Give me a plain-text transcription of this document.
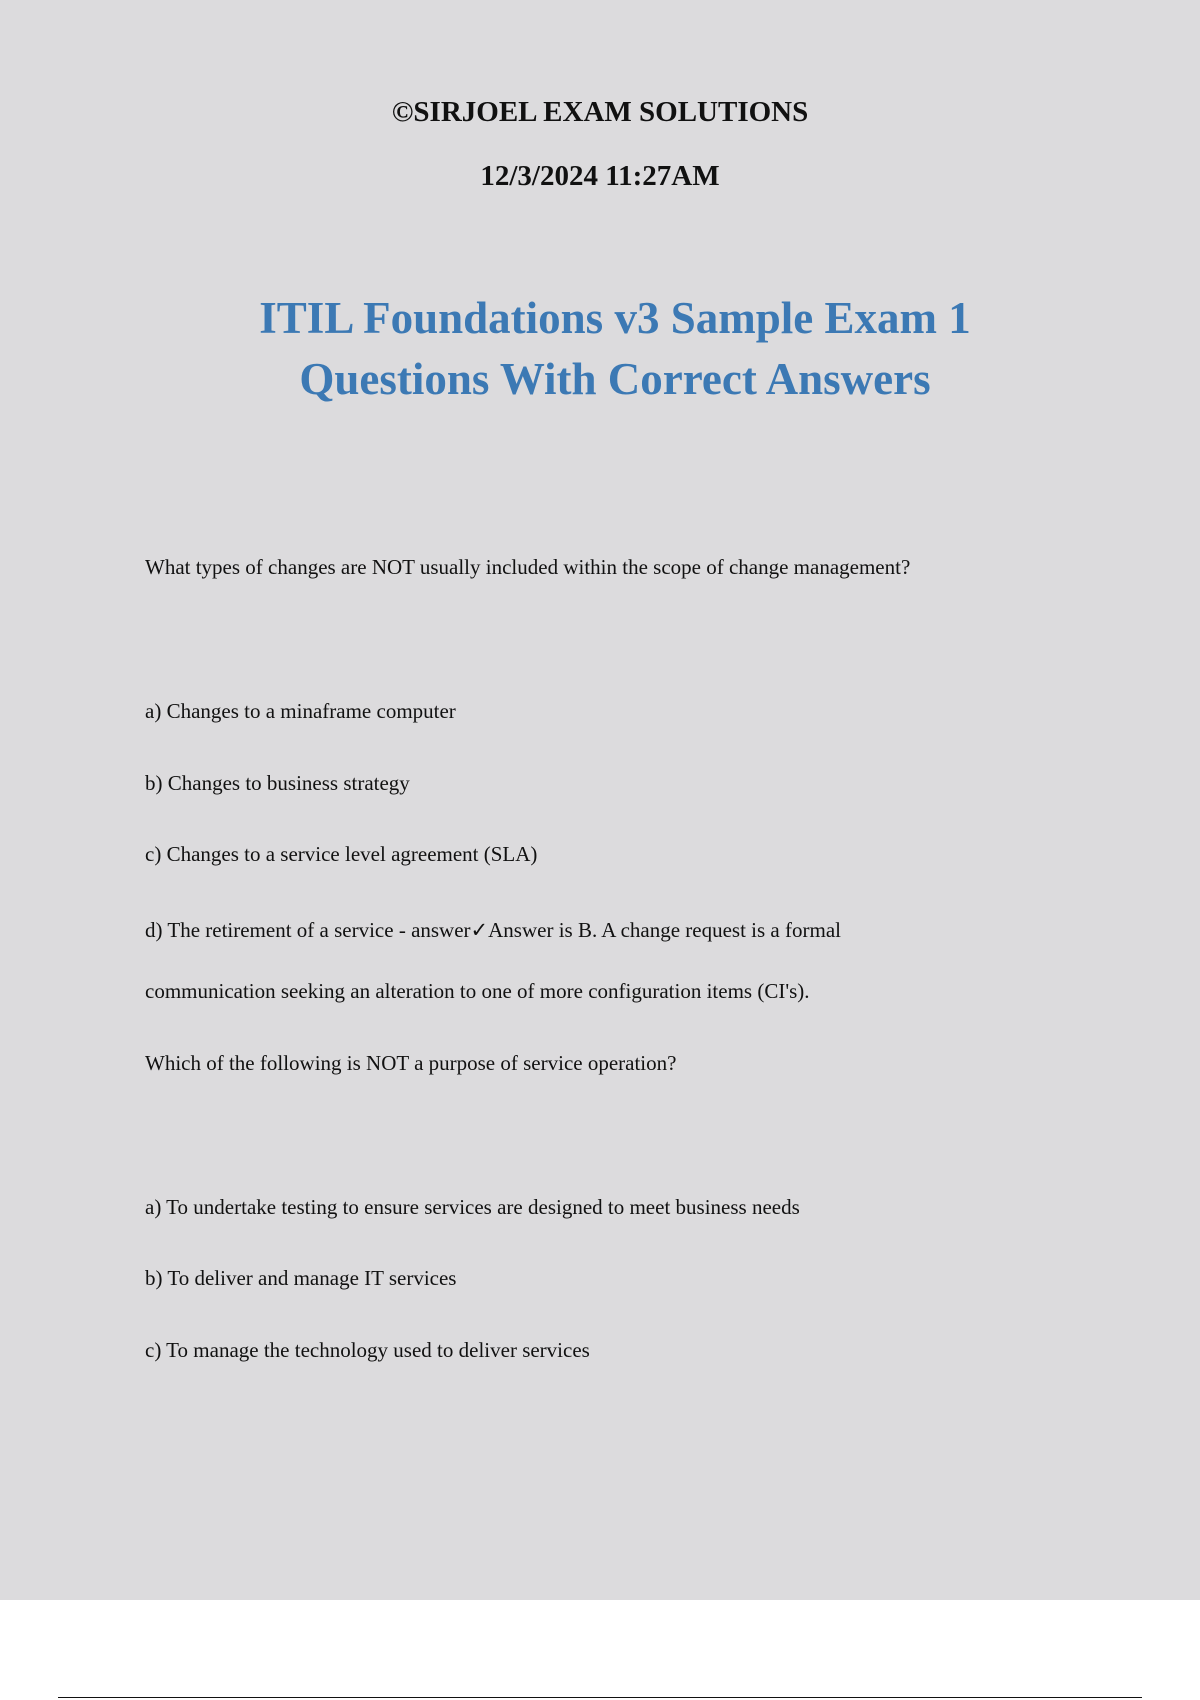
©SIRJOEL EXAM SOLUTIONS
12/3/2024 11:27AM
ITIL Foundations v3 Sample Exam 1
Questions With Correct Answers
What types of changes are NOT usually included within the scope of change management?
a) Changes to a minaframe computer
b) Changes to business strategy
c) Changes to a service level agreement (SLA)
d) The retirement of a service - answer✓Answer is B. A change request is a formal
communication seeking an alteration to one of more configuration items (CI's).
Which of the following is NOT a purpose of service operation?
a) To undertake testing to ensure services are designed to meet business needs
b) To deliver and manage IT services
c) To manage the technology used to deliver services
